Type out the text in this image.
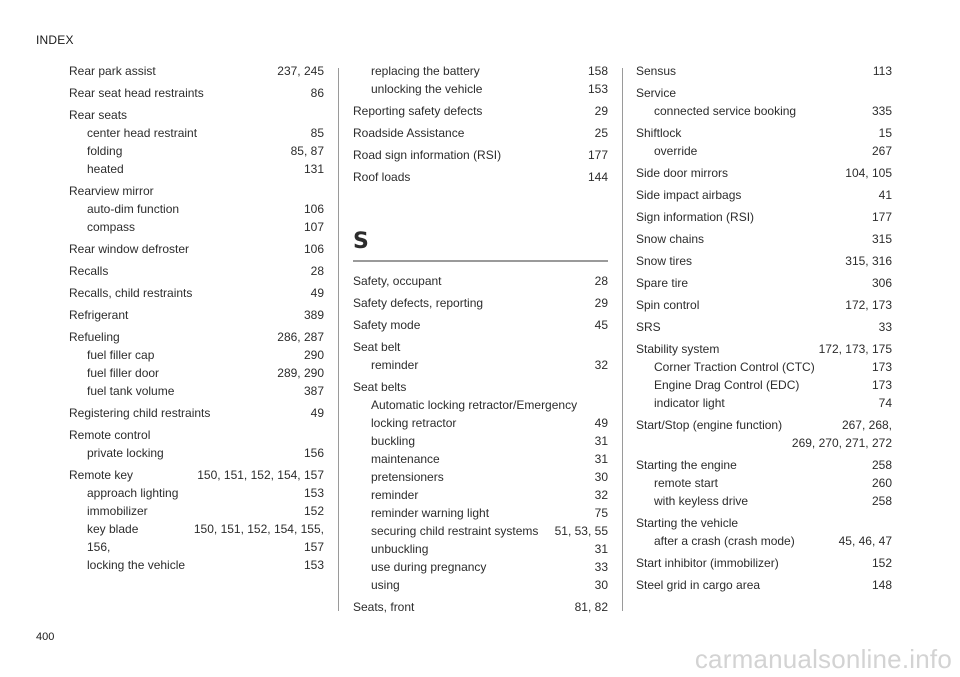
INDEX
Rear park assist	237, 245
Rear seat head restraints	86
Rear seats
center head restraint	85
folding	85, 87
heated	131
Rearview mirror
auto-dim function	106
compass	107
Rear window defroster	106
Recalls	28
Recalls, child restraints	49
Refrigerant	389
Refueling	286, 287
fuel filler cap	290
fuel filler door	289, 290
fuel tank volume	387
Registering child restraints	49
Remote control
private locking	156
Remote key	150, 151, 152, 154, 157
approach lighting	153
immobilizer	152
key blade	150, 151, 152, 154, 155,
156,	157
locking the vehicle	153
replacing the battery	158
unlocking the vehicle	153
Reporting safety defects	29
Roadside Assistance	25
Road sign information (RSI)	177
Roof loads	144
S
Safety, occupant	28
Safety defects, reporting	29
Safety mode	45
Seat belt
reminder	32
Seat belts
Automatic locking retractor/Emergency
locking retractor	49
buckling	31
maintenance	31
pretensioners	30
reminder	32
reminder warning light	75
securing child restraint systems	51, 53, 55
unbuckling	31
use during pregnancy	33
using	30
Seats, front	81, 82
Sensus	113
Service
connected service booking	335
Shiftlock	15
override	267
Side door mirrors	104, 105
Side impact airbags	41
Sign information (RSI)	177
Snow chains	315
Snow tires	315, 316
Spare tire	306
Spin control	172, 173
SRS	33
Stability system	172, 173, 175
Corner Traction Control (CTC)	173
Engine Drag Control (EDC)	173
indicator light	74
Start/Stop (engine function)	267, 268,
269, 270, 271, 272
Starting the engine	258
remote start	260
with keyless drive	258
Starting the vehicle
after a crash (crash mode)	45, 46, 47
Start inhibitor (immobilizer)	152
Steel grid in cargo area	148
400
carmanualsonline.info
